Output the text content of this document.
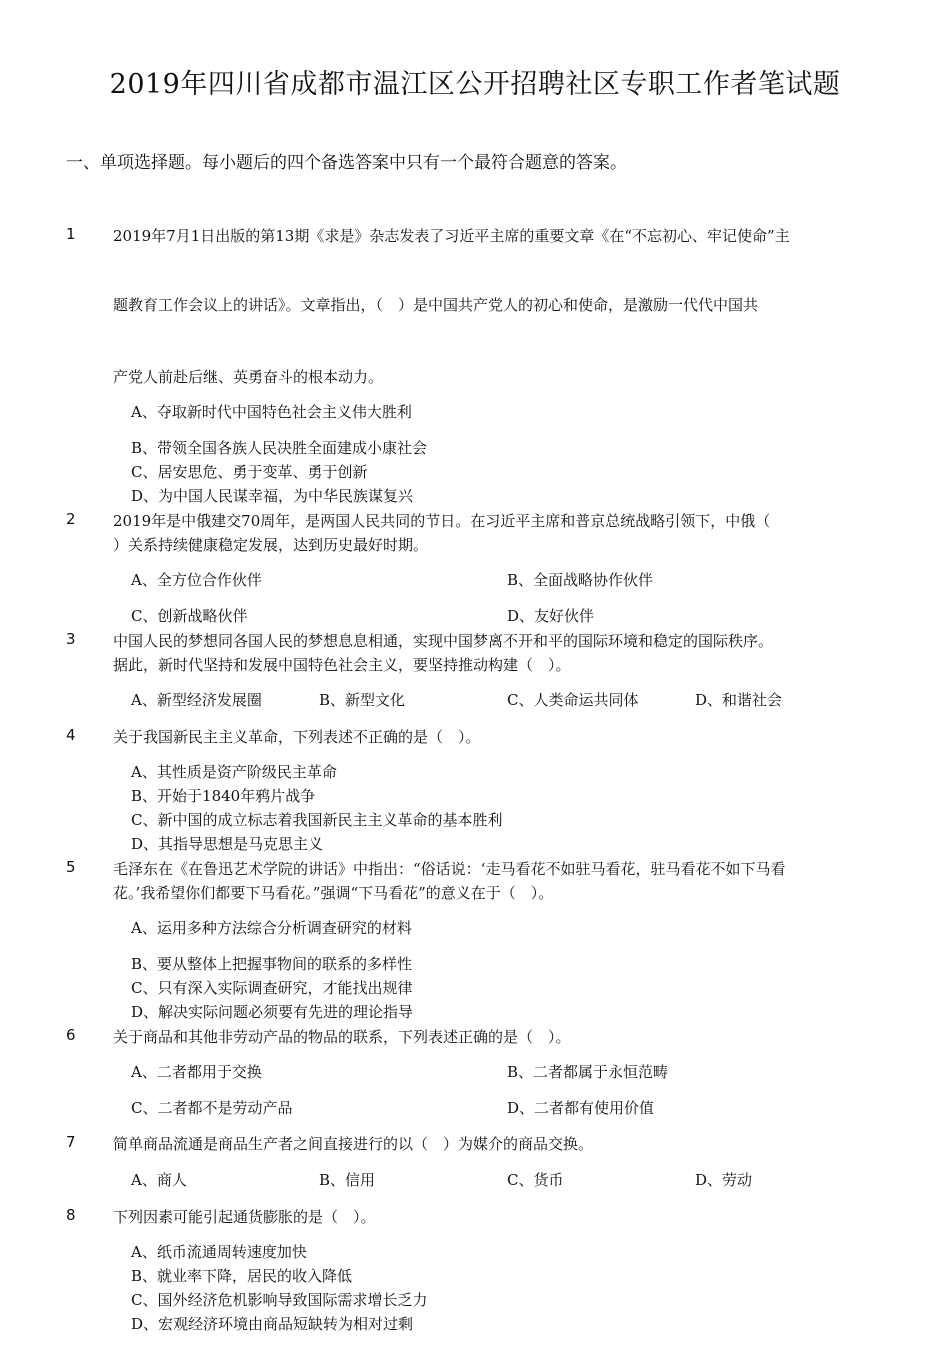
2019年四川省成都市温江区公开招聘社区专职工作者笔试题
一、单项选择题。每小题后的四个备选答案中只有一个最符合题意的答案。
1 2019年7月1日出版的第13期《求是》杂志发表了习近平主席的重要文章《在“不忘初心、牢记使命”主
题教育工作会议上的讲话》。文章指出，（　）是中国共产党人的初心和使命，是激励一代代中国共
产党人前赴后继、英勇奋斗的根本动力。
A、夺取新时代中国特色社会主义伟大胜利
B、带领全国各族人民决胜全面建成小康社会
C、居安思危、勇于变革、勇于创新
D、为中国人民谋幸福，为中华民族谋复兴
2 2019年是中俄建交70周年，是两国人民共同的节日。在习近平主席和普京总统战略引领下，中俄（
）关系持续健康稳定发展，达到历史最好时期。
A、全方位合作伙伴	B、全面战略协作伙伴
C、创新战略伙伴	D、友好伙伴
3 中国人民的梦想同各国人民的梦想息息相通，实现中国梦离不开和平的国际环境和稳定的国际秩序。
据此，新时代坚持和发展中国特色社会主义，要坚持推动构建（　）。
A、新型经济发展圈	B、新型文化	C、人类命运共同体	D、和谐社会
4 关于我国新民主主义革命，下列表述不正确的是（　）。
A、其性质是资产阶级民主革命
B、开始于1840年鸦片战争
C、新中国的成立标志着我国新民主主义革命的基本胜利
D、其指导思想是马克思主义
5 毛泽东在《在鲁迅艺术学院的讲话》中指出：“俗话说：‘走马看花不如驻马看花，驻马看花不如下马看
花。’我希望你们都要下马看花。”强调“下马看花”的意义在于（　）。
A、运用多种方法综合分析调查研究的材料
B、要从整体上把握事物间的联系的多样性
C、只有深入实际调查研究，才能找出规律
D、解决实际问题必须要有先进的理论指导
6 关于商品和其他非劳动产品的物品的联系，下列表述正确的是（　）。
A、二者都用于交换	B、二者都属于永恒范畴
C、二者都不是劳动产品	D、二者都有使用价值
7 简单商品流通是商品生产者之间直接进行的以（　）为媒介的商品交换。
A、商人	B、信用	C、货币	D、劳动
8 下列因素可能引起通货膨胀的是（　）。
A、纸币流通周转速度加快
B、就业率下降，居民的收入降低
C、国外经济危机影响导致国际需求增长乏力
D、宏观经济环境由商品短缺转为相对过剩
